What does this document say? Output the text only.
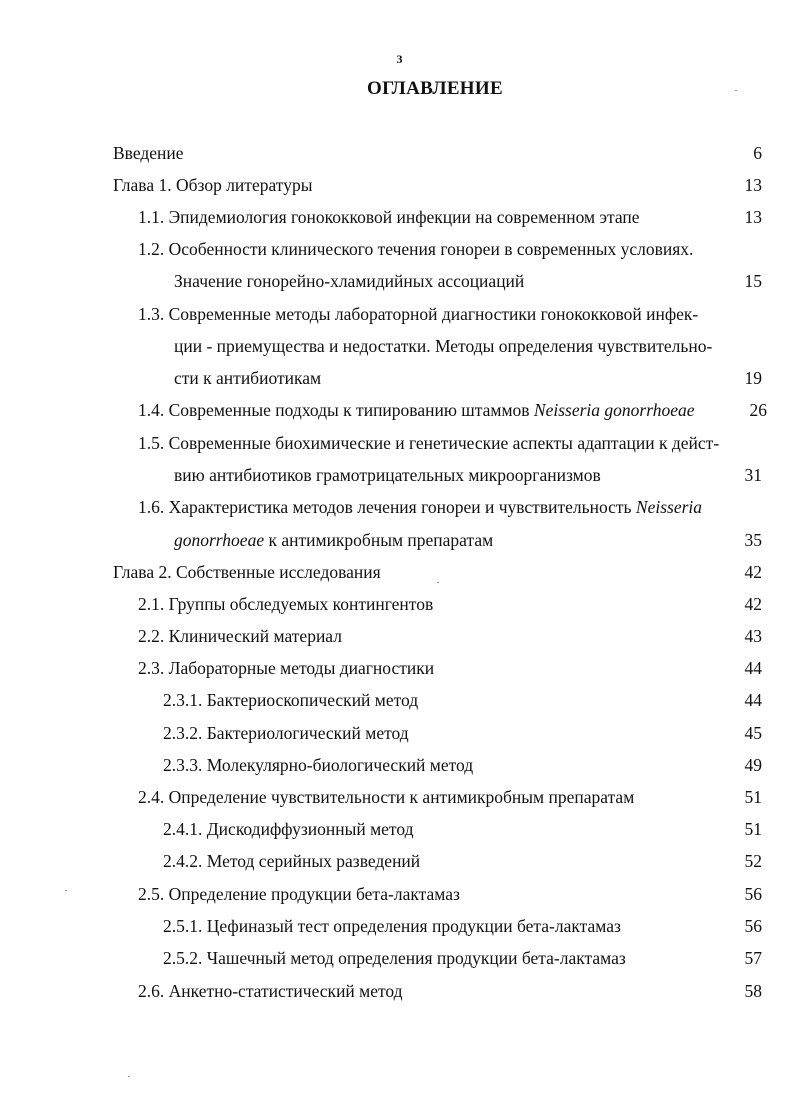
3
ОГЛАВЛЕНИЕ
Введение	6
Глава 1. Обзор литературы	13
1.1. Эпидемиология гонококковой инфекции на современном этапе	13
1.2. Особенности клинического течения гонореи в современных условиях.
Значение гонорейно-хламидийных ассоциаций	15
1.3. Современные методы лабораторной диагностики гонококковой инфек-
ции - приемущества и недостатки. Методы определения чувствительно-
сти к антибиотикам	19
1.4. Современные подходы к типированию штаммов Neisseria gonorrhoeae	26
1.5. Современные биохимические и генетические аспекты адаптации к дейст-
вию антибиотиков грамотрицательных микроорганизмов	31
1.6. Характеристика методов лечения гонореи и чувствительность Neisseria
gonorrhoeae к антимикробным препаратам	35
Глава 2. Собственные исследования	42
2.1. Группы обследуемых контингентов	42
2.2. Клинический материал	43
2.3. Лабораторные методы диагностики	44
2.3.1. Бактериоскопический метод	44
2.3.2. Бактериологический метод	45
2.3.3. Молекулярно-биологический метод	49
2.4. Определение чувствительности к антимикробным препаратам	51
2.4.1. Дискодиффузионный метод	51
2.4.2. Метод серийных разведений	52
2.5. Определение продукции бета-лактамаз	56
2.5.1. Цефиназый тест определения продукции бета-лактамаз	56
2.5.2. Чашечный метод определения продукции бета-лактамаз	57
2.6. Анкетно-статистический метод	58
